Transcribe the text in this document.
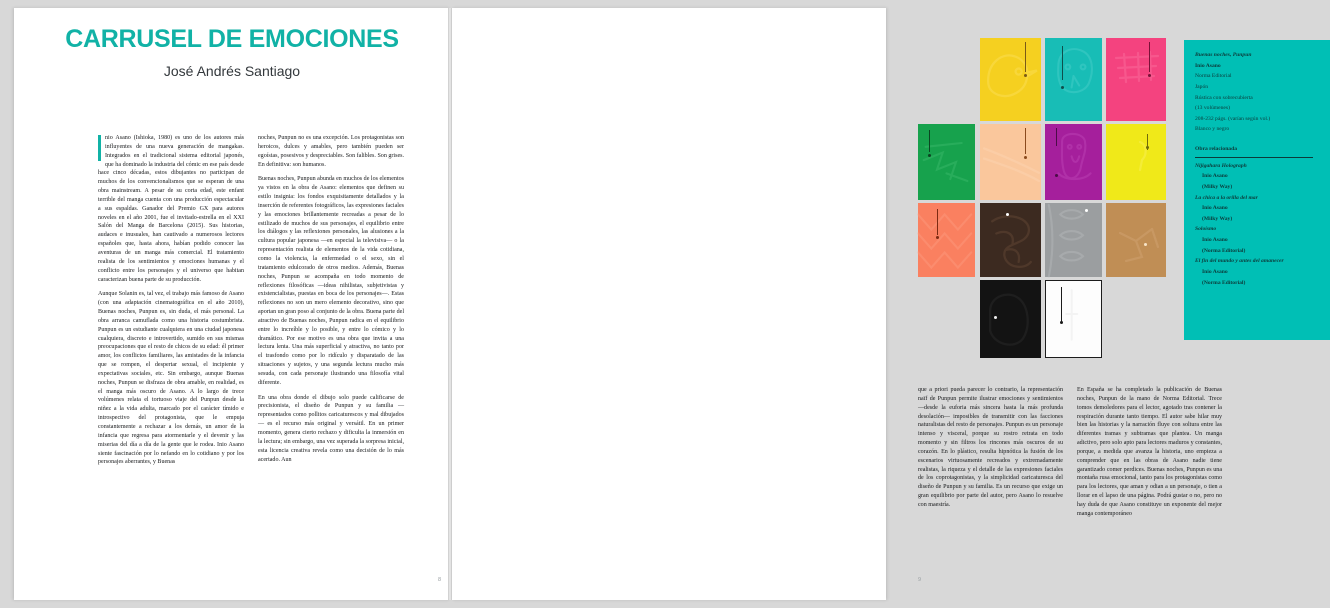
CARRUSEL DE EMOCIONES

José Andrés Santiago

nio Asano (Ishioka, 1980) es uno de los autores más influyentes de una nueva generación de mangakas. Integrados en el tradicional sistema editorial japonés, que ha dominado la industria del cómic en ese país desde hace cinco décadas, estos dibujantes no participan de muchos de los convencionalismos que se esperan de una obra mainstream. A pesar de su corta edad, este enfant terrible del manga cuenta con una producción espectacular a sus espaldas. Ganador del Premio GX para autores noveles en el año 2001, fue el invitado-estrella en el XXI Salón del Manga de Barcelona (2015). Sus historias, audaces e inusuales, han cautivado a numerosos lectores españoles que, hasta ahora, habían podido conocer las aventuras de un manga más comercial. El tratamiento realista de los sentimientos y emociones humanas y el conflicto entre los personajes y el universo que habitan caracterizan buena parte de su producción.

Aunque Solanin es, tal vez, el trabajo más famoso de Asano (con una adaptación cinematográfica en el año 2010), Buenas noches, Punpun es, sin duda, el más personal. La obra arranca camuflada como una historia costumbrista. Punpun es un estudiante cualquiera en una ciudad japonesa cualquiera, discreto e introvertido, sumido en sus mismas preocupaciones que el resto de chicos de su edad: él primer amor, los conflictos familiares, las amistades de la infancia que se rompen, el despertar sexual, el incipiente y expectativas sociales, etc. Sin embargo, aunque Buenas noches, Punpun se disfraza de obra amable, en realidad, es el manga más oscuro de Asano. A lo largo de trece volúmenes relata el tortuoso viaje del Punpun desde la niñez a la vida adulta, marcado por el carácter tímido e introspectivo del protagonista, que le empuja constantemente a rechazar a los demás, un amor de la infancia que regresa para atormentarle y el devenir y las miserias del día a día de la gente que le rodea. Inio Asano siente fascinación por lo nefando en lo cotidiano y por los personajes aberrantes, y Buenas

noches, Punpun no es una excepción. Los protagonistas son heroicos, dulces y amables, pero también pueden ser egoístas, posesivos y despreciables. Son falibles. Son grises. En definitiva: son humanos.

Buenas noches, Punpun abunda en muchos de los elementos ya vistos en la obra de Asano: elementos que definen su estilo insignia: los fondos exquisitamente detallados y la inserción de referentes fotográficos, las expresiones faciales y las emociones brillantemente recreadas a pesar de lo estilizado de muchos de sus personajes, el equilibrio entre los diálogos y las reflexiones personales, las alusiones a la cultura popular japonesa —en especial la televisiva— o la representación realista de elementos de la vida cotidiana, como la violencia, la enfermedad o el sexo, sin el tratamiento edulcorado de otros medios. Además, Buenas noches, Punpun se acompaña en todo momento de reflexiones filosóficas —ideas nihilistas, subjetivistas y existencialistas, puestas en boca de los personajes—. Estas reflexiones no son un mero elemento decorativo, sino que aportan un gran poso al conjunto de la obra. Buena parte del atractivo de Buenas noches, Punpun radica en el equilibrio entre lo increíble y lo posible, y entre lo cómico y lo dramático. Por ese motivo es una obra que invita a una lectura lenta. Una más superficial y atractiva, no tanto por el trasfondo como por lo ridículo y disparatado de las situaciones y sujetos, y una segunda lectura mucho más sesuda, con cada personaje ilustrando una filosofía vital diferente.

En una obra donde el dibujo solo puede calificarse de precisionista, el diseño de Punpun y su familia —representados como pollitos caricaturescos y mal dibujados— es el recurso más original y versátil. En un primer momento, genera cierto rechazo y dificulta la inmersión en la lectura; sin embargo, una vez superada la sorpresa inicial, esta licencia creativa revela como una decisión de lo más acertado. Aun

8
Buenas noches, Punpun
Inio Asano
Norma Editorial
Japón
Rústica con sobrecubierta
(13 volúmenes)
208-232 págs. (varían según vol.)
Blanco y negro
Obra relacionada
Nijigahara Holograph
Inio Asano
(Milky Way)
La chica a la orilla del mar
Inio Asano
(Milky Way)
Soloísmo
Inio Asano
(Norma Editorial)
El fin del mundo y antes del amanecer
Inio Asano
(Norma Editorial)

que a priori pueda parecer lo contrario, la representación naïf de Punpun permite ilustrar emociones y sentimientos —desde la euforia más sincera hasta la más profunda desolación— imposibles de transmitir con las facciones naturalistas del resto de personajes. Punpun es un personaje intenso y visceral, porque su rostro retrata en todo momento y sin filtros los rincones más oscuros de su corazón. En lo plástico, resulta hipnótica la fusión de los escenarios virtuosamente recreados y extremadamente realistas, la riqueza y el detalle de las expresiones faciales de los coprotagonistas, y la simplicidad caricaturesca del diseño de Punpun y su familia. Es un recurso que exige un gran equilibrio por parte del autor, pero Asano lo resuelve con maestría.

En España se ha completado la publicación de Buenas noches, Punpun de la mano de Norma Editorial. Trece tomos demoledores para el lector, agotado tras contener la respiración durante tanto tiempo. El autor sabe hilar muy bien las historias y la narración fluye con soltura entre las diferentes tramas y subtramas que plantea. Un manga adictivo, pero solo apto para lectores maduros y constantes, porque, a medida que avanza la historia, uno empieza a comprender que en las obras de Asano nadie tiene garantizado comer perdices. Buenas noches, Punpun es una montaña rusa emocional, tanto para los protagonistas como para los lectores, que aman y odian a un personaje, o tien a llorar en el lapso de una página. Podrá gustar o no, pero no hay duda de que Asano constituye un exponente del mejor manga contemporáneo

9
